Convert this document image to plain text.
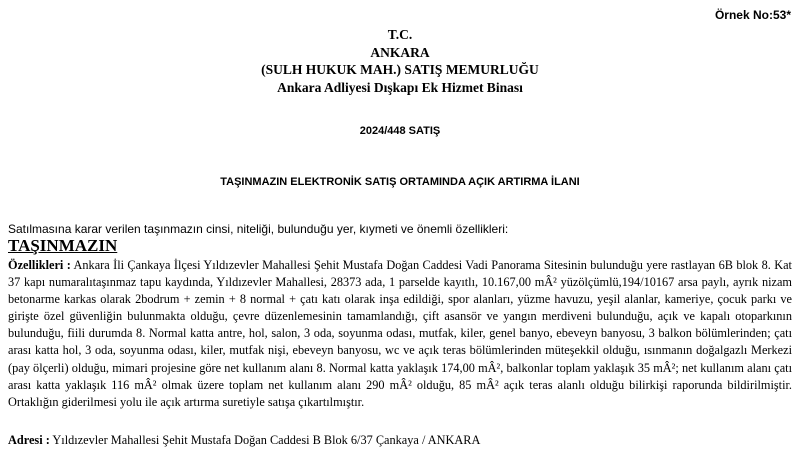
Örnek No:53*
T.C.
ANKARA
(SULH HUKUK MAH.) SATIŞ MEMURLUĞU
Ankara Adliyesi Dışkapı Ek Hizmet Binası
2024/448 SATIŞ
TAŞINMAZIN ELEKTRONİK SATIŞ ORTAMINDA AÇIK ARTIRMA İLANI
Satılmasına karar verilen taşınmazın cinsi, niteliği, bulunduğu yer, kıymeti ve önemli özellikleri:
TAŞINMAZIN

Özellikleri : Ankara İli Çankaya İlçesi Yıldızevler Mahallesi Şehit Mustafa Doğan Caddesi Vadi Panorama Sitesinin bulunduğu yere rastlayan 6B blok 8. Kat 37 kapı numaralıtaşınmaz tapu kaydında, Yıldızevler Mahallesi, 28373 ada, 1 parselde kayıtlı, 10.167,00 mÂ² yüzölçümlü,194/10167 arsa paylı, ayrık nizam betonarme karkas olarak 2bodrum + zemin + 8 normal + çatı katı olarak inşa edildiği, spor alanları, yüzme havuzu, yeşil alanlar, kameriye, çocuk parkı ve girişte özel güvenliğin bulunmakta olduğu, çevre düzenlemesinin tamamlandığı, çift asansör ve yangın merdiveni bulunduğu, açık ve kapalı otoparkının bulunduğu, fiili durumda 8. Normal katta antre, hol, salon, 3 oda, soyunma odası, mutfak, kiler, genel banyo, ebeveyn banyosu, 3 balkon bölümlerinden; çatı arası katta hol, 3 oda, soyunma odası, kiler, mutfak nişi, ebeveyn banyosu, wc ve açık teras bölümlerinden müteşekkil olduğu, ısınmanın doğalgazlı Merkezi (pay ölçerli) olduğu, mimari projesine göre net kullanım alanı 8. Normal katta yaklaşık 174,00 mÂ², balkonlar toplam yaklaşık 35 mÂ²; net kullanım alanı çatı arası katta yaklaşık 116 mÂ² olmak üzere toplam net kullanım alanı 290 mÂ² olduğu, 85 mÂ² açık teras alanlı olduğu bilirkişi raporunda bildirilmiştir. Ortaklığın giderilmesi yolu ile açık artırma suretiyle satışa çıkartılmıştır.

Adresi : Yıldızevler Mahallesi Şehit Mustafa Doğan Caddesi B Blok 6/37 Çankaya / ANKARA
